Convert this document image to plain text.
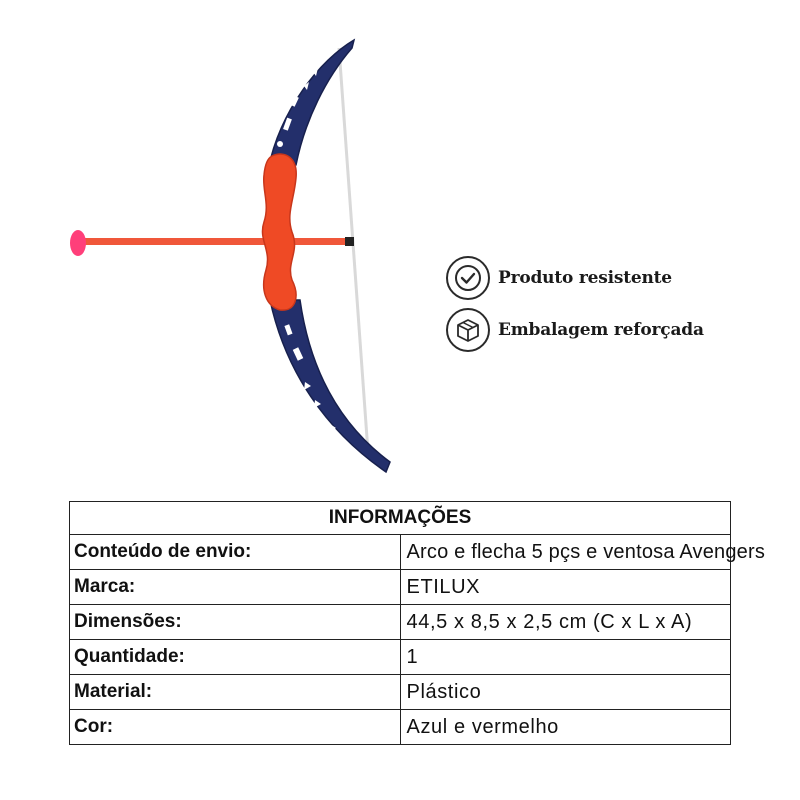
Produto resistente
Embalagem reforçada
INFORMAÇÕES	
Conteúdo de envio:	Arco e flecha 5 pçs e ventosa Avengers
Marca:	ETILUX
Dimensões:	44,5 x 8,5 x 2,5 cm (C x L x A)
Quantidade:	1
Material:	Plástico
Cor:	Azul e vermelho
